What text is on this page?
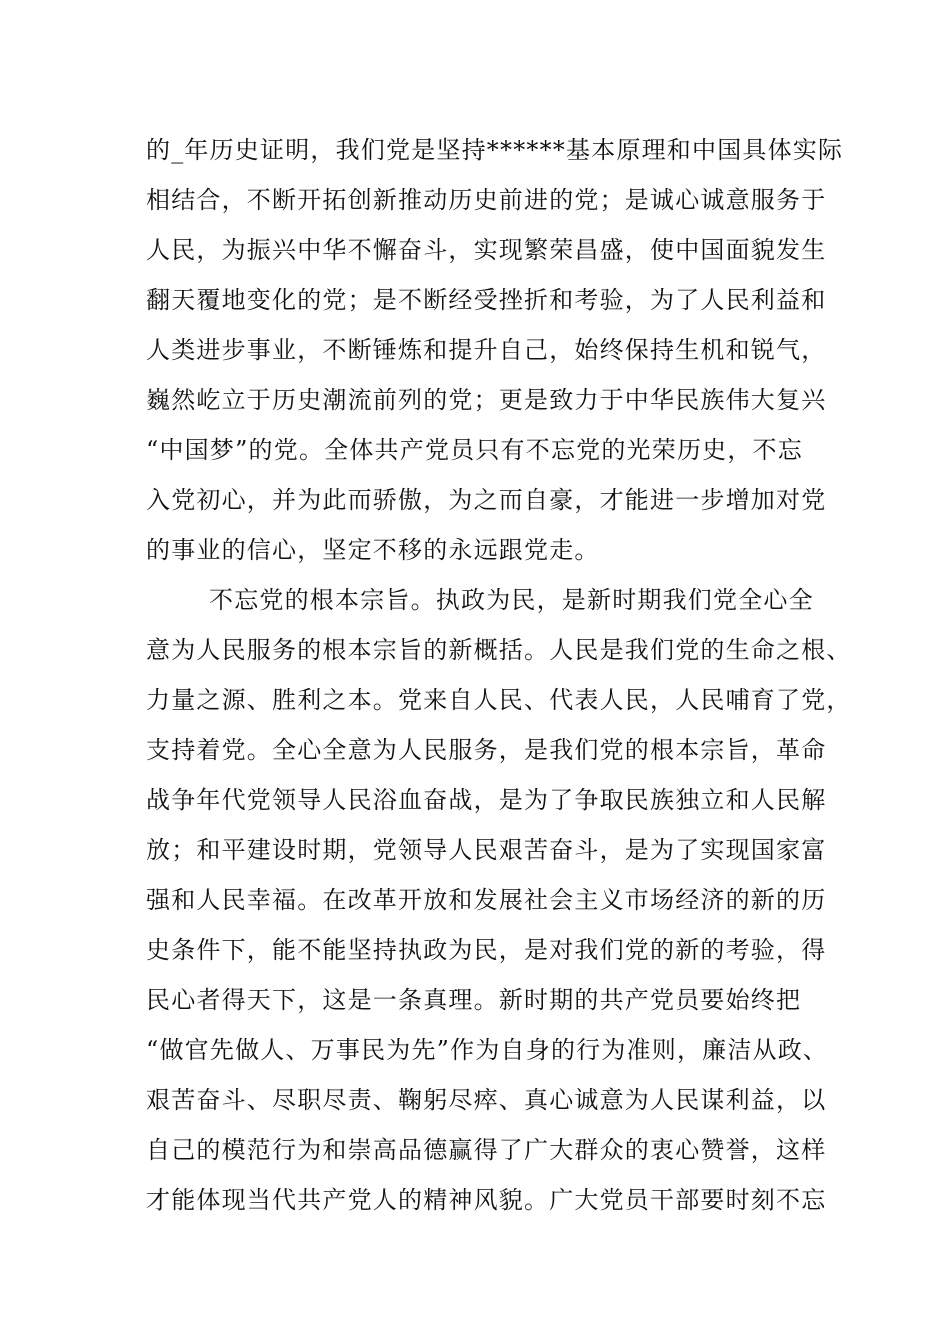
的_年历史证明，我们党是坚持******基本原理和中国具体实际
相结合，不断开拓创新推动历史前进的党；是诚心诚意服务于
人民，为振兴中华不懈奋斗，实现繁荣昌盛，使中国面貌发生
翻天覆地变化的党；是不断经受挫折和考验，为了人民利益和
人类进步事业，不断锤炼和提升自己，始终保持生机和锐气，
巍然屹立于历史潮流前列的党；更是致力于中华民族伟大复兴
“中国梦”的党。全体共产党员只有不忘党的光荣历史，不忘
入党初心，并为此而骄傲，为之而自豪，才能进一步增加对党
的事业的信心，坚定不移的永远跟党走。
不忘党的根本宗旨。执政为民，是新时期我们党全心全
意为人民服务的根本宗旨的新概括。人民是我们党的生命之根、
力量之源、胜利之本。党来自人民、代表人民，人民哺育了党，
支持着党。全心全意为人民服务，是我们党的根本宗旨，革命
战争年代党领导人民浴血奋战，是为了争取民族独立和人民解
放；和平建设时期，党领导人民艰苦奋斗，是为了实现国家富
强和人民幸福。在改革开放和发展社会主义市场经济的新的历
史条件下，能不能坚持执政为民，是对我们党的新的考验，得
民心者得天下，这是一条真理。新时期的共产党员要始终把
“做官先做人、万事民为先”作为自身的行为准则，廉洁从政、
艰苦奋斗、尽职尽责、鞠躬尽瘁、真心诚意为人民谋利益，以
自己的模范行为和崇高品德赢得了广大群众的衷心赞誉，这样
才能体现当代共产党人的精神风貌。广大党员干部要时刻不忘
